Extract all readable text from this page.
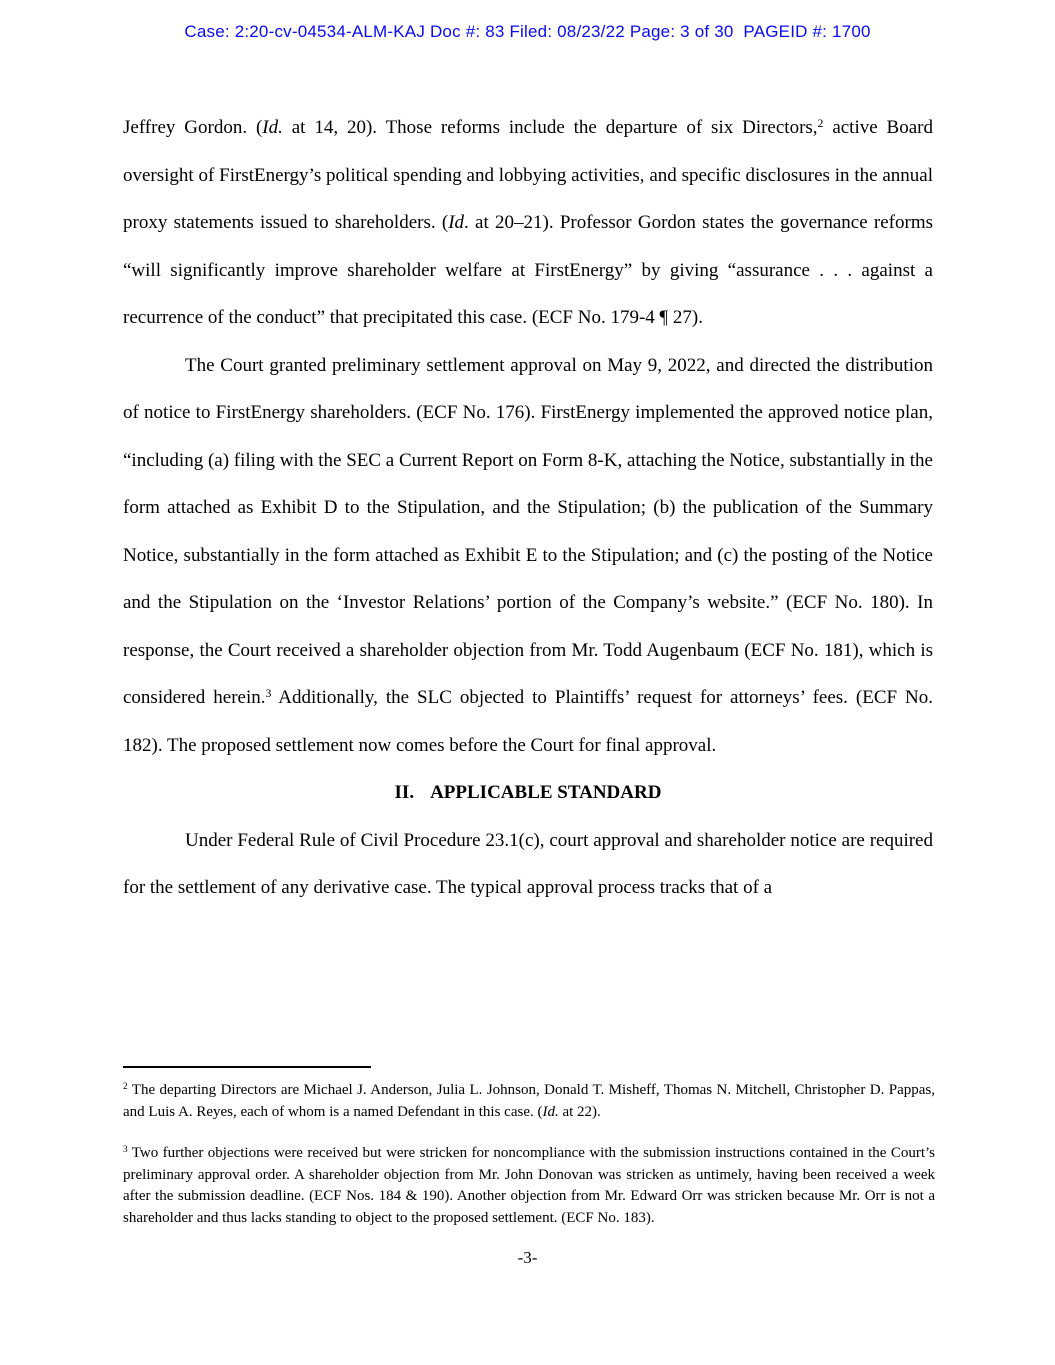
Case: 2:20-cv-04534-ALM-KAJ Doc #: 83 Filed: 08/23/22 Page: 3 of 30  PAGEID #: 1700

Jeffrey Gordon. (Id. at 14, 20). Those reforms include the departure of six Directors,$^2$ active Board oversight of FirstEnergy’s political spending and lobbying activities, and specific disclosures in the annual proxy statements issued to shareholders. (Id. at 20–21). Professor Gordon states the governance reforms “will significantly improve shareholder welfare at FirstEnergy” by giving “assurance . . . against a recurrence of the conduct” that precipitated this case. (ECF No. 179-4 ¶ 27).

The Court granted preliminary settlement approval on May 9, 2022, and directed the distribution of notice to FirstEnergy shareholders. (ECF No. 176). FirstEnergy implemented the approved notice plan, “including (a) filing with the SEC a Current Report on Form 8-K, attaching the Notice, substantially in the form attached as Exhibit D to the Stipulation, and the Stipulation; (b) the publication of the Summary Notice, substantially in the form attached as Exhibit E to the Stipulation; and (c) the posting of the Notice and the Stipulation on the ‘Investor Relations’ portion of the Company’s website.” (ECF No. 180). In response, the Court received a shareholder objection from Mr. Todd Augenbaum (ECF No. 181), which is considered herein.$^3$ Additionally, the SLC objected to Plaintiffs’ request for attorneys’ fees. (ECF No. 182). The proposed settlement now comes before the Court for final approval.

II. APPLICABLE STANDARD

Under Federal Rule of Civil Procedure 23.1(c), court approval and shareholder notice are required for the settlement of any derivative case. The typical approval process tracks that of a

$^2$ The departing Directors are Michael J. Anderson, Julia L. Johnson, Donald T. Misheff, Thomas N. Mitchell, Christopher D. Pappas, and Luis A. Reyes, each of whom is a named Defendant in this case. (Id. at 22).

$^3$ Two further objections were received but were stricken for noncompliance with the submission instructions contained in the Court’s preliminary approval order. A shareholder objection from Mr. John Donovan was stricken as untimely, having been received a week after the submission deadline. (ECF Nos. 184 & 190). Another objection from Mr. Edward Orr was stricken because Mr. Orr is not a shareholder and thus lacks standing to object to the proposed settlement. (ECF No. 183).

-3-
